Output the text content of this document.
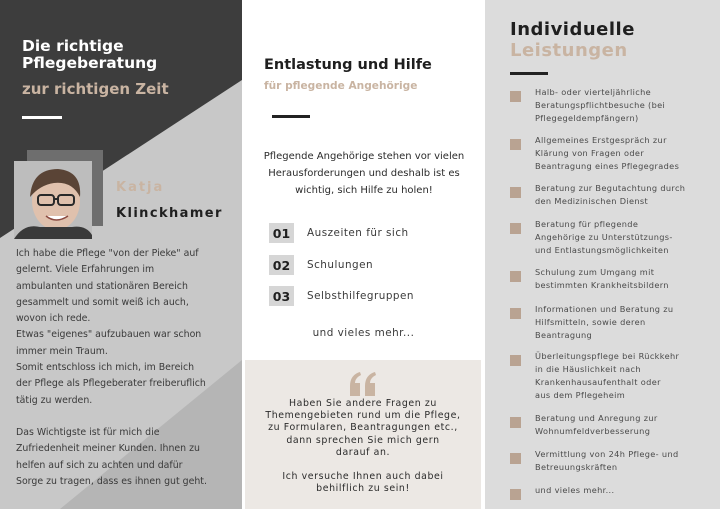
Die richtige
Pflegeberatung
zur richtigen Zeit
Katja
Klinckhamer

Ich habe die Pflege "von der Pieke" auf

gelernt. Viele Erfahrungen im

ambulanten und stationären Bereich

gesammelt und somit weiß ich auch,

wovon ich rede.

Etwas "eigenes" aufzubauen war schon

immer mein Traum.

Somit entschloss ich mich, im Bereich

der Pflege als Pflegeberater freiberuflich

tätig zu werden.

Das Wichtigste ist für mich die

Zufriedenheit meiner Kunden. Ihnen zu

helfen auf sich zu achten und dafür

Sorge zu tragen, dass es ihnen gut geht.

Entlastung und Hilfe
für pflegende Angehörige
Pflegende Angehörige stehen vor vielen
Herausforderungen und deshalb ist es
wichtig, sich Hilfe zu holen!
01	Auszeiten für sich
02	Schulungen
03	Selbsthilfegruppen
und vieles mehr...
Haben Sie andere Fragen zu
Themengebieten rund um die Pflege,
zu Formularen, Beantragungen etc.,
dann sprechen Sie mich gern
darauf an.
Ich versuche Ihnen auch dabei
behilflich zu sein!
Individuelle
Leistungen
Halb- oder vierteljährliche
Beratungspflichtbesuche (bei
Pflegegeldempfängern)
Allgemeines Erstgespräch zur
Klärung von Fragen oder
Beantragung eines Pflegegrades
Beratung zur Begutachtung durch
den Medizinischen Dienst
Beratung für pflegende
Angehörige zu Unterstützungs-
und Entlastungsmöglichkeiten
Schulung zum Umgang mit
bestimmten Krankheitsbildern
Informationen und Beratung zu
Hilfsmitteln, sowie deren
Beantragung
Überleitungspflege bei Rückkehr
in die Häuslichkeit nach
Krankenhausaufenthalt oder
aus dem Pflegeheim
Beratung und Anregung zur
Wohnumfeldverbesserung
Vermittlung von 24h Pflege- und
Betreuungskräften
und vieles mehr...
